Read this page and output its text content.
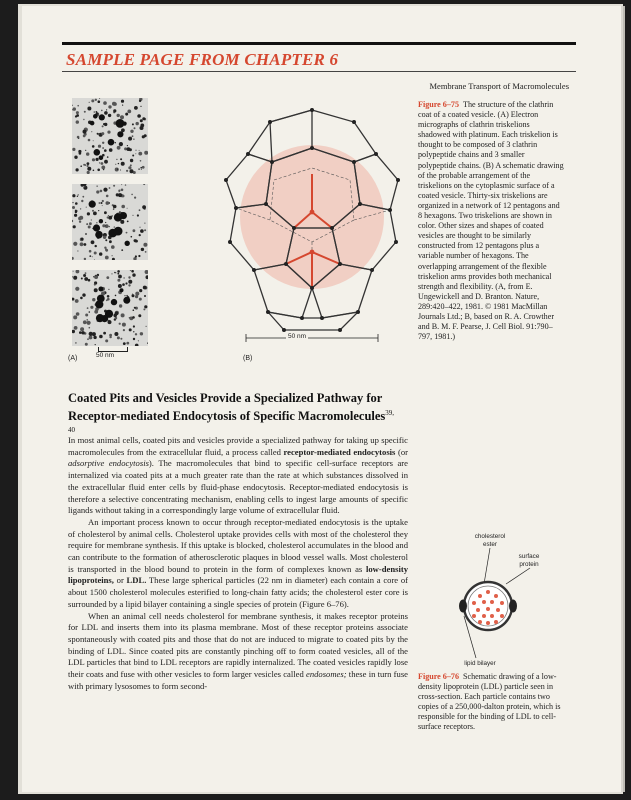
SAMPLE PAGE FROM CHAPTER 6
Membrane Transport of Macromolecules
50 nm
(A)
50 nm
(B)
Figure 6–75 The structure of the clathrin coat of a coated vesicle. (A) Electron micrographs of clathrin triskelions shadowed with platinum. Each triskelion is thought to be composed of 3 clathrin polypeptide chains and 3 smaller polypeptide chains. (B) A schematic drawing of the probable arrangement of the triskelions on the cytoplasmic surface of a coated vesicle. Thirty-six triskelions are organized in a network of 12 pentagons and 8 hexagons. Two triskelions are shown in color. Other sizes and shapes of coated vesicles are thought to be similarly constructed from 12 pentagons plus a variable number of hexagons. The overlapping arrangement of the flexible triskelion arms provides both mechanical strength and flexibility. (A, from E. Ungewickell and D. Branton. Nature, 289:420–422, 1981. © 1981 MacMillan Journals Ltd.; B, based on R. A. Crowther and B. M. F. Pearse, J. Cell Biol. 91:790–797, 1981.)
Coated Pits and Vesicles Provide a Specialized Pathway for Receptor-mediated Endocytosis of Specific Macromolecules$^{39, 40}$

In most animal cells, coated pits and vesicles provide a specialized pathway for taking up specific macromolecules from the extracellular fluid, a process called receptor-mediated endocytosis (or adsorptive endocytosis). The macromolecules that bind to specific cell-surface receptors are internalized via coated pits at a much greater rate than the rate at which substances dissolved in the extracellular fluid enter cells by fluid-phase endocytosis. Receptor-mediated endocytosis is therefore a selective concentrating mechanism, enabling cells to ingest large amounts of specific ligands without taking in a correspondingly large volume of extracellular fluid.

An important process known to occur through receptor-mediated endocytosis is the uptake of cholesterol by animal cells. Cholesterol uptake provides cells with most of the cholesterol they require for membrane synthesis. If this uptake is blocked, cholesterol accumulates in the blood and can contribute to the formation of atherosclerotic plaques in blood vessel walls. Most cholesterol is transported in the blood bound to protein in the form of complexes known as low-density lipoproteins, or LDL. These large spherical particles (22 nm in diameter) each contain a core of about 1500 cholesterol molecules esterified to long-chain fatty acids; the cholesterol ester core is surrounded by a lipid bilayer containing a single species of protein (Figure 6–76).

When an animal cell needs cholesterol for membrane synthesis, it makes receptor proteins for LDL and inserts them into its plasma membrane. Most of these receptor proteins associate spontaneously with coated pits and those that do not are induced to migrate to coated pits by the binding of LDL. Since coated pits are constantly pinching off to form coated vesicles, all of the LDL particles that bind to LDL receptors are rapidly internalized. The coated vesicles rapidly lose their coats and fuse with other vesicles to form larger vesicles called endosomes; these in turn fuse with primary lysosomes to form second-

cholesterol ester
surface protein
lipid bilayer
Figure 6–76 Schematic drawing of a low-density lipoprotein (LDL) particle seen in cross-section. Each particle contains two copies of a 250,000-dalton protein, which is responsible for the binding of LDL to cell-surface receptors.
